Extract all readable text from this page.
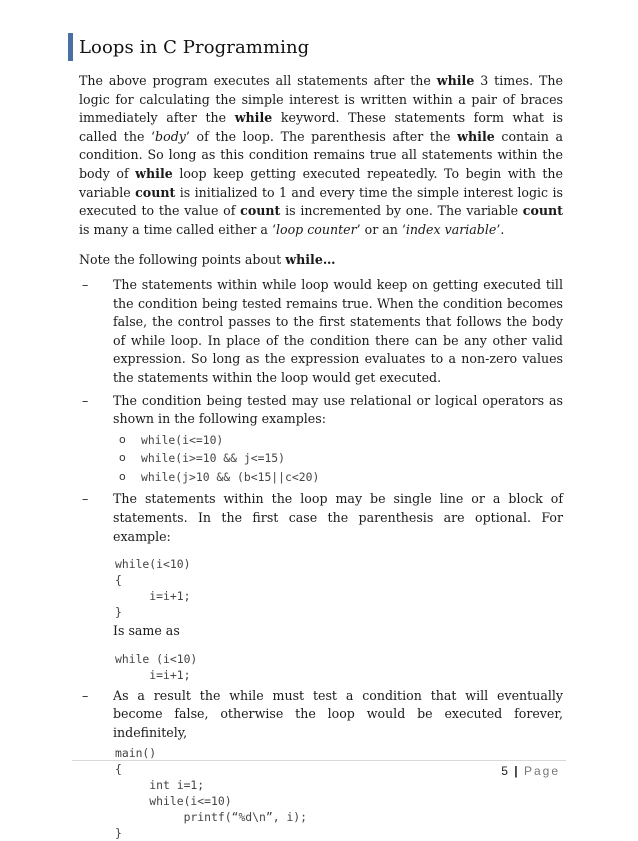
Loops in C Programming

The above program executes all statements after the while 3 times. The logic for calculating the simple interest is written within a pair of braces immediately after the while keyword. These statements form what is called the ‘body’ of the loop. The parenthesis after the while contain a condition. So long as this condition remains true all statements within the body of while loop keep getting executed repeatedly. To begin with the variable count is initialized to 1 and every time the simple interest logic is executed to the value of count is incremented by one. The variable count is many a time called either a ‘loop counter’ or an ‘index variable’.

Note the following points about while…

– The statements within while loop would keep on getting executed till the condition being tested remains true. When the condition becomes false, the control passes to the first statements that follows the body of while loop. In place of the condition there can be any other valid expression. So long as the expression evaluates to a non-zero values the statements within the loop would get executed.
– The condition being tested may use relational or logical operators as shown in the following examples:
o while(i<=10)
o while(i>=10 && j<=15)
o while(j>10 && (b<15||c<20)
– The statements within the loop may be single line or a block of statements. In the first case the parenthesis are optional. For example:
while(i<10)
{
i=i+1;
}
Is same as
while (i<10)
i=i+1;
– As a result the while must test a condition that will eventually become false, otherwise the loop would be executed forever, indefinitely,
main()
{
int i=1;
while(i<=10)
printf(“%d\n”, i);
}
5 | Page
